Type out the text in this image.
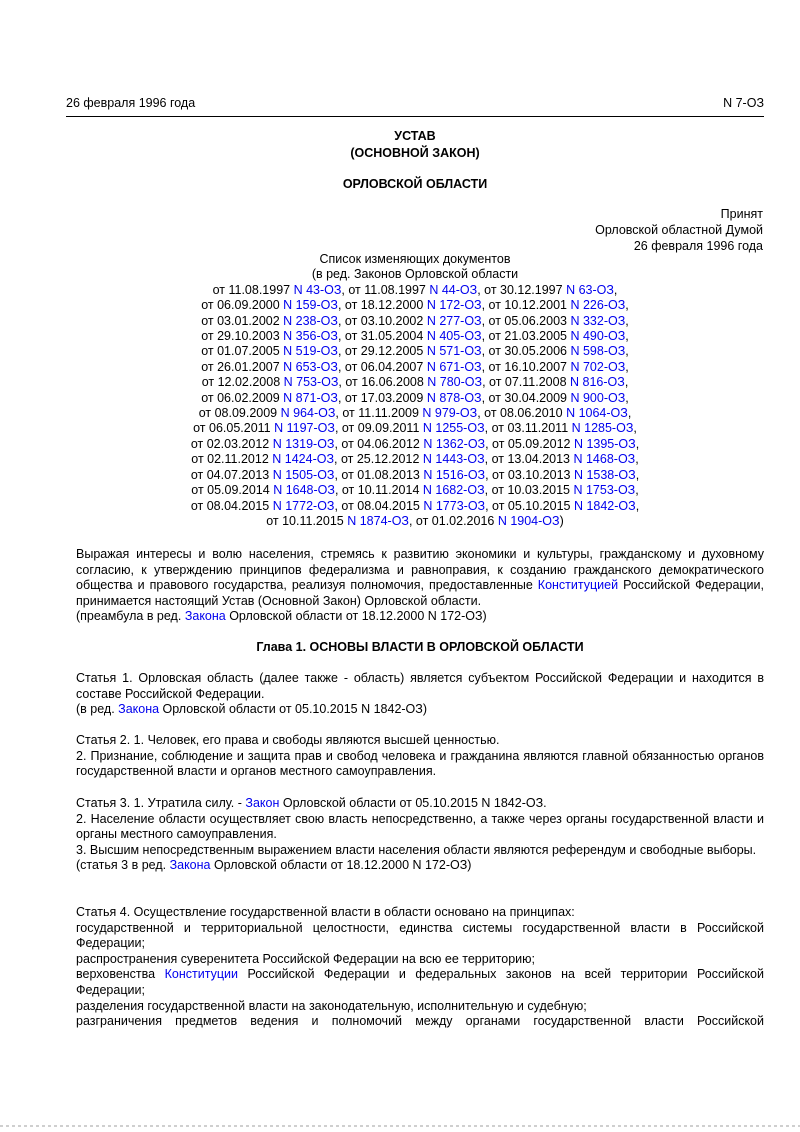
26 февраля 1996 года	N 7-ОЗ
УСТАВ
(ОСНОВНОЙ ЗАКОН)
ОРЛОВСКОЙ ОБЛАСТИ
Принят
Орловской областной Думой
26 февраля 1996 года
Список изменяющих документов
(в ред. Законов Орловской области
от 11.08.1997 N 43-ОЗ, от 11.08.1997 N 44-ОЗ, от 30.12.1997 N 63-ОЗ,
от 06.09.2000 N 159-ОЗ, от 18.12.2000 N 172-ОЗ, от 10.12.2001 N 226-ОЗ,
от 03.01.2002 N 238-ОЗ, от 03.10.2002 N 277-ОЗ, от 05.06.2003 N 332-ОЗ,
от 29.10.2003 N 356-ОЗ, от 31.05.2004 N 405-ОЗ, от 21.03.2005 N 490-ОЗ,
от 01.07.2005 N 519-ОЗ, от 29.12.2005 N 571-ОЗ, от 30.05.2006 N 598-ОЗ,
от 26.01.2007 N 653-ОЗ, от 06.04.2007 N 671-ОЗ, от 16.10.2007 N 702-ОЗ,
от 12.02.2008 N 753-ОЗ, от 16.06.2008 N 780-ОЗ, от 07.11.2008 N 816-ОЗ,
от 06.02.2009 N 871-ОЗ, от 17.03.2009 N 878-ОЗ, от 30.04.2009 N 900-ОЗ,
от 08.09.2009 N 964-ОЗ, от 11.11.2009 N 979-ОЗ, от 08.06.2010 N 1064-ОЗ,
от 06.05.2011 N 1197-ОЗ, от 09.09.2011 N 1255-ОЗ, от 03.11.2011 N 1285-ОЗ,
от 02.03.2012 N 1319-ОЗ, от 04.06.2012 N 1362-ОЗ, от 05.09.2012 N 1395-ОЗ,
от 02.11.2012 N 1424-ОЗ, от 25.12.2012 N 1443-ОЗ, от 13.04.2013 N 1468-ОЗ,
от 04.07.2013 N 1505-ОЗ, от 01.08.2013 N 1516-ОЗ, от 03.10.2013 N 1538-ОЗ,
от 05.09.2014 N 1648-ОЗ, от 10.11.2014 N 1682-ОЗ, от 10.03.2015 N 1753-ОЗ,
от 08.04.2015 N 1772-ОЗ, от 08.04.2015 N 1773-ОЗ, от 05.10.2015 N 1842-ОЗ,
от 10.11.2015 N 1874-ОЗ, от 01.02.2016 N 1904-ОЗ)

Выражая интересы и волю населения, стремясь к развитию экономики и культуры, гражданскому и духовному согласию, к утверждению принципов федерализма и равноправия, к созданию гражданского демократического общества и правового государства, реализуя полномочия, предоставленные Конституцией Российской Федерации, принимается настоящий Устав (Основной Закон) Орловской области.

(преамбула в ред. Закона Орловской области от 18.12.2000 N 172-ОЗ)

Глава 1. ОСНОВЫ ВЛАСТИ В ОРЛОВСКОЙ ОБЛАСТИ

Статья 1. Орловская область (далее также - область) является субъектом Российской Федерации и находится в составе Российской Федерации.

(в ред. Закона Орловской области от 05.10.2015 N 1842-ОЗ)

Статья 2. 1. Человек, его права и свободы являются высшей ценностью.

2. Признание, соблюдение и защита прав и свобод человека и гражданина являются главной обязанностью органов государственной власти и органов местного самоуправления.

Статья 3. 1. Утратила силу. - Закон Орловской области от 05.10.2015 N 1842-ОЗ.

2. Население области осуществляет свою власть непосредственно, а также через органы государственной власти и органы местного самоуправления.

3. Высшим непосредственным выражением власти населения области являются референдум и свободные выборы.

(статья 3 в ред. Закона Орловской области от 18.12.2000 N 172-ОЗ)

Статья 4. Осуществление государственной власти в области основано на принципах:

государственной и территориальной целостности, единства системы государственной власти в Российской Федерации;

распространения суверенитета Российской Федерации на всю ее территорию;

верховенства Конституции Российской Федерации и федеральных законов на всей территории Российской Федерации;

разделения государственной власти на законодательную, исполнительную и судебную;

разграничения предметов ведения и полномочий между органами государственной власти Российской
